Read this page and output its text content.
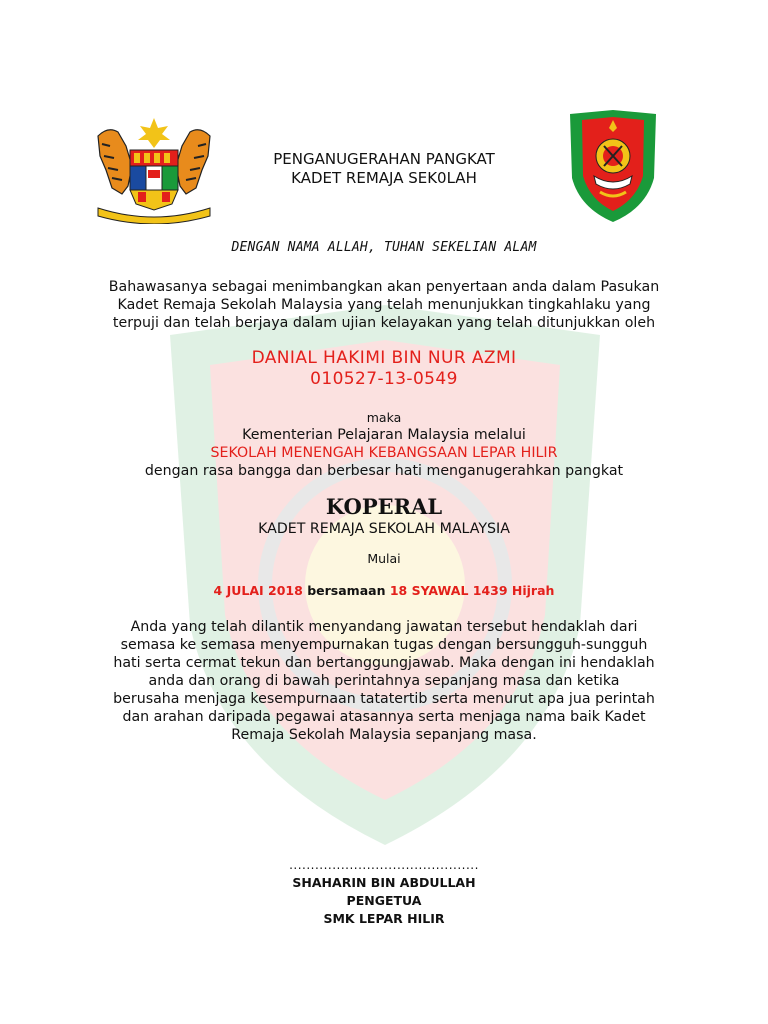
PENGANUGERAHAN PANGKAT
KADET REMAJA SEK0LAH
DENGAN NAMA ALLAH, TUHAN SEKELIAN ALAM
Bahawasanya sebagai menimbangkan akan penyertaan anda dalam Pasukan
Kadet Remaja Sekolah Malaysia yang telah menunjukkan tingkahlaku yang
terpuji dan telah berjaya dalam ujian kelayakan yang telah ditunjukkan oleh
DANIAL HAKIMI BIN NUR AZMI
010527-13-0549
maka
Kementerian Pelajaran Malaysia melalui
SEKOLAH MENENGAH KEBANGSAAN LEPAR HILIR
dengan rasa bangga dan berbesar hati menganugerahkan pangkat
KOPERAL
KADET REMAJA SEKOLAH MALAYSIA
Mulai
4 JULAI 2018 bersamaan 18 SYAWAL 1439 Hijrah
Anda yang telah dilantik menyandang jawatan tersebut hendaklah dari
semasa ke semasa menyempurnakan tugas dengan bersungguh-sungguh
hati serta cermat tekun dan bertanggungjawab. Maka dengan ini hendaklah
anda dan orang di bawah perintahnya sepanjang masa dan ketika
berusaha menjaga kesempurnaan tatatertib serta menurut apa jua perintah
dan arahan daripada pegawai atasannya serta menjaga nama baik Kadet
Remaja Sekolah Malaysia sepanjang masa.
............................................
SHAHARIN BIN ABDULLAH
PENGETUA
SMK LEPAR HILIR
